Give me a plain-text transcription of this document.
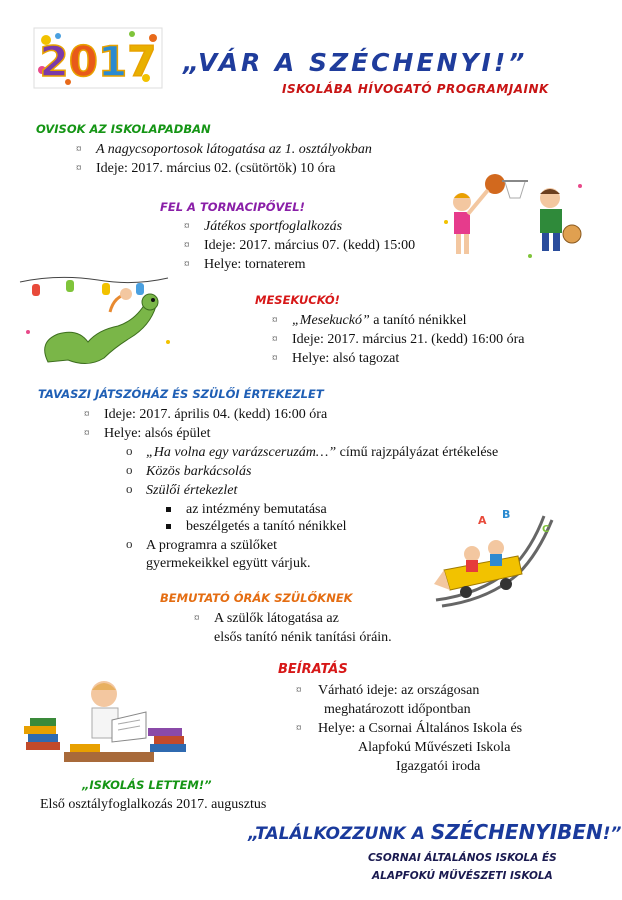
2017 „VÁR A SZÉCHENYI!”
ISKOLÁBA HÍVOGATÓ PROGRAMJAINK
OVISOK AZ ISKOLAPADBAN
¤ A nagycsoportosok látogatása az 1. osztályokban
¤ Ideje: 2017. március 02. (csütörtök) 10 óra
FEL A TORNACIPŐVEL!
¤ Játékos sportfoglalkozás
¤ Ideje: 2017. március 07. (kedd) 15:00
¤ Helye: tornaterem
MESEKUCKÓ!
¤ „Mesekuckó” a tanító nénikkel
¤ Ideje: 2017. március 21. (kedd) 16:00 óra
¤ Helye: alsó tagozat
TAVASZI JÁTSZÓHÁZ ÉS SZÜLŐI ÉRTEKEZLET
¤ Ideje: 2017. április 04. (kedd) 16:00 óra
¤ Helye: alsós épület
o „Ha volna egy varázsceruzám…” című rajzpályázat értékelése
o Közös barkácsolás
o Szülői értekezlet
az intézmény bemutatása
beszélgetés a tanító nénikkel
o A programra a szülőket
gyermekeikkel együtt várjuk.
A B
C
BEMUTATÓ ÓRÁK SZÜLŐKNEK
¤ A szülők látogatása az
elsős tanító nénik tanítási óráin.
BEÍRATÁS
¤ Várható ideje: az országosan
meghatározott időpontban
¤ Helye: a Csornai Általános Iskola és
Alapfokú Művészeti Iskola
Igazgatói iroda
„ISKOLÁS LETTEM!”
Első osztályfoglalkozás 2017. augusztus
„TALÁLKOZZUNK A SZÉCHENYIBEN!”
CSORNAI ÁLTALÁNOS ISKOLA ÉS
ALAPFOKÚ MŰVÉSZETI ISKOLA
